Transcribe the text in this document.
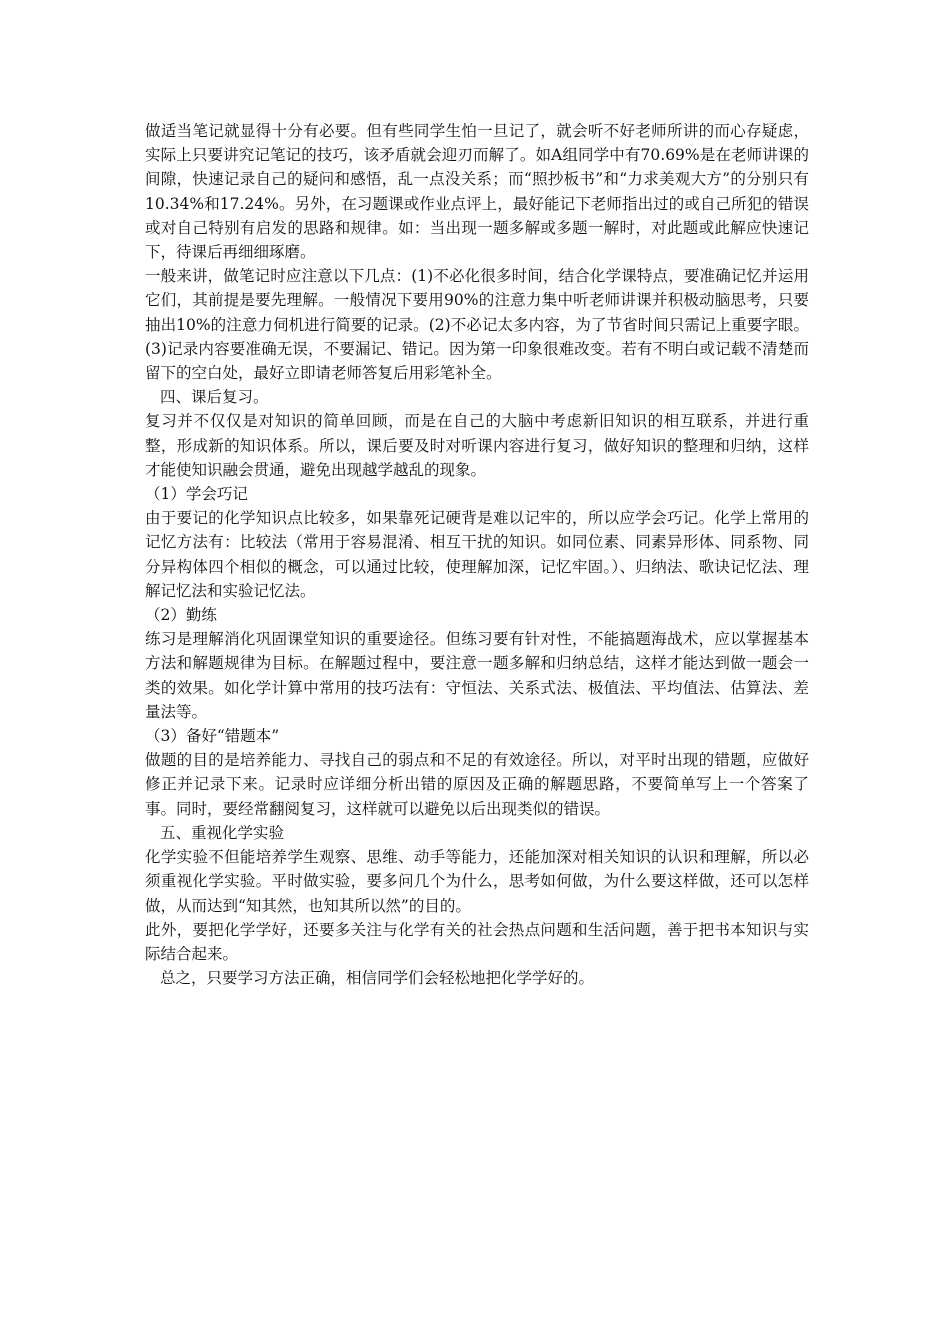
做适当笔记就显得十分有必要。但有些同学生怕一旦记了，就会听不好老师所讲的而心存疑虑，实际上只要讲究记笔记的技巧，该矛盾就会迎刃而解了。如A组同学中有70.69%是在老师讲课的间隙，快速记录自己的疑问和感悟，乱一点没关系；而“照抄板书”和“力求美观大方”的分别只有10.34%和17.24%。另外，在习题课或作业点评上，最好能记下老师指出过的或自己所犯的错误或对自己特别有启发的思路和规律。如：当出现一题多解或多题一解时，对此题或此解应快速记下，待课后再细细琢磨。

一般来讲，做笔记时应注意以下几点：(1)不必化很多时间，结合化学课特点，要准确记忆并运用它们，其前提是要先理解。一般情况下要用90%的注意力集中听老师讲课并积极动脑思考，只要抽出10%的注意力伺机进行简要的记录。(2)不必记太多内容，为了节省时间只需记上重要字眼。(3)记录内容要准确无误，不要漏记、错记。因为第一印象很难改变。若有不明白或记载不清楚而留下的空白处，最好立即请老师答复后用彩笔补全。

四、课后复习。

复习并不仅仅是对知识的简单回顾，而是在自己的大脑中考虑新旧知识的相互联系，并进行重整，形成新的知识体系。所以，课后要及时对听课内容进行复习，做好知识的整理和归纳，这样才能使知识融会贯通，避免出现越学越乱的现象。

（1）学会巧记

由于要记的化学知识点比较多，如果靠死记硬背是难以记牢的，所以应学会巧记。化学上常用的记忆方法有：比较法（常用于容易混淆、相互干扰的知识。如同位素、同素异形体、同系物、同分异构体四个相似的概念，可以通过比较，使理解加深，记忆牢固。）、归纳法、歌诀记忆法、理解记忆法和实验记忆法。

（2）勤练

练习是理解消化巩固课堂知识的重要途径。但练习要有针对性，不能搞题海战术，应以掌握基本方法和解题规律为目标。在解题过程中，要注意一题多解和归纳总结，这样才能达到做一题会一类的效果。如化学计算中常用的技巧法有：守恒法、关系式法、极值法、平均值法、估算法、差量法等。

（3）备好“错题本”

做题的目的是培养能力、寻找自己的弱点和不足的有效途径。所以，对平时出现的错题，应做好修正并记录下来。记录时应详细分析出错的原因及正确的解题思路，不要简单写上一个答案了事。同时，要经常翻阅复习，这样就可以避免以后出现类似的错误。

五、重视化学实验

化学实验不但能培养学生观察、思维、动手等能力，还能加深对相关知识的认识和理解，所以必须重视化学实验。平时做实验，要多问几个为什么，思考如何做，为什么要这样做，还可以怎样做，从而达到“知其然，也知其所以然”的目的。

此外，要把化学学好，还要多关注与化学有关的社会热点问题和生活问题，善于把书本知识与实际结合起来。

总之，只要学习方法正确，相信同学们会轻松地把化学学好的。
